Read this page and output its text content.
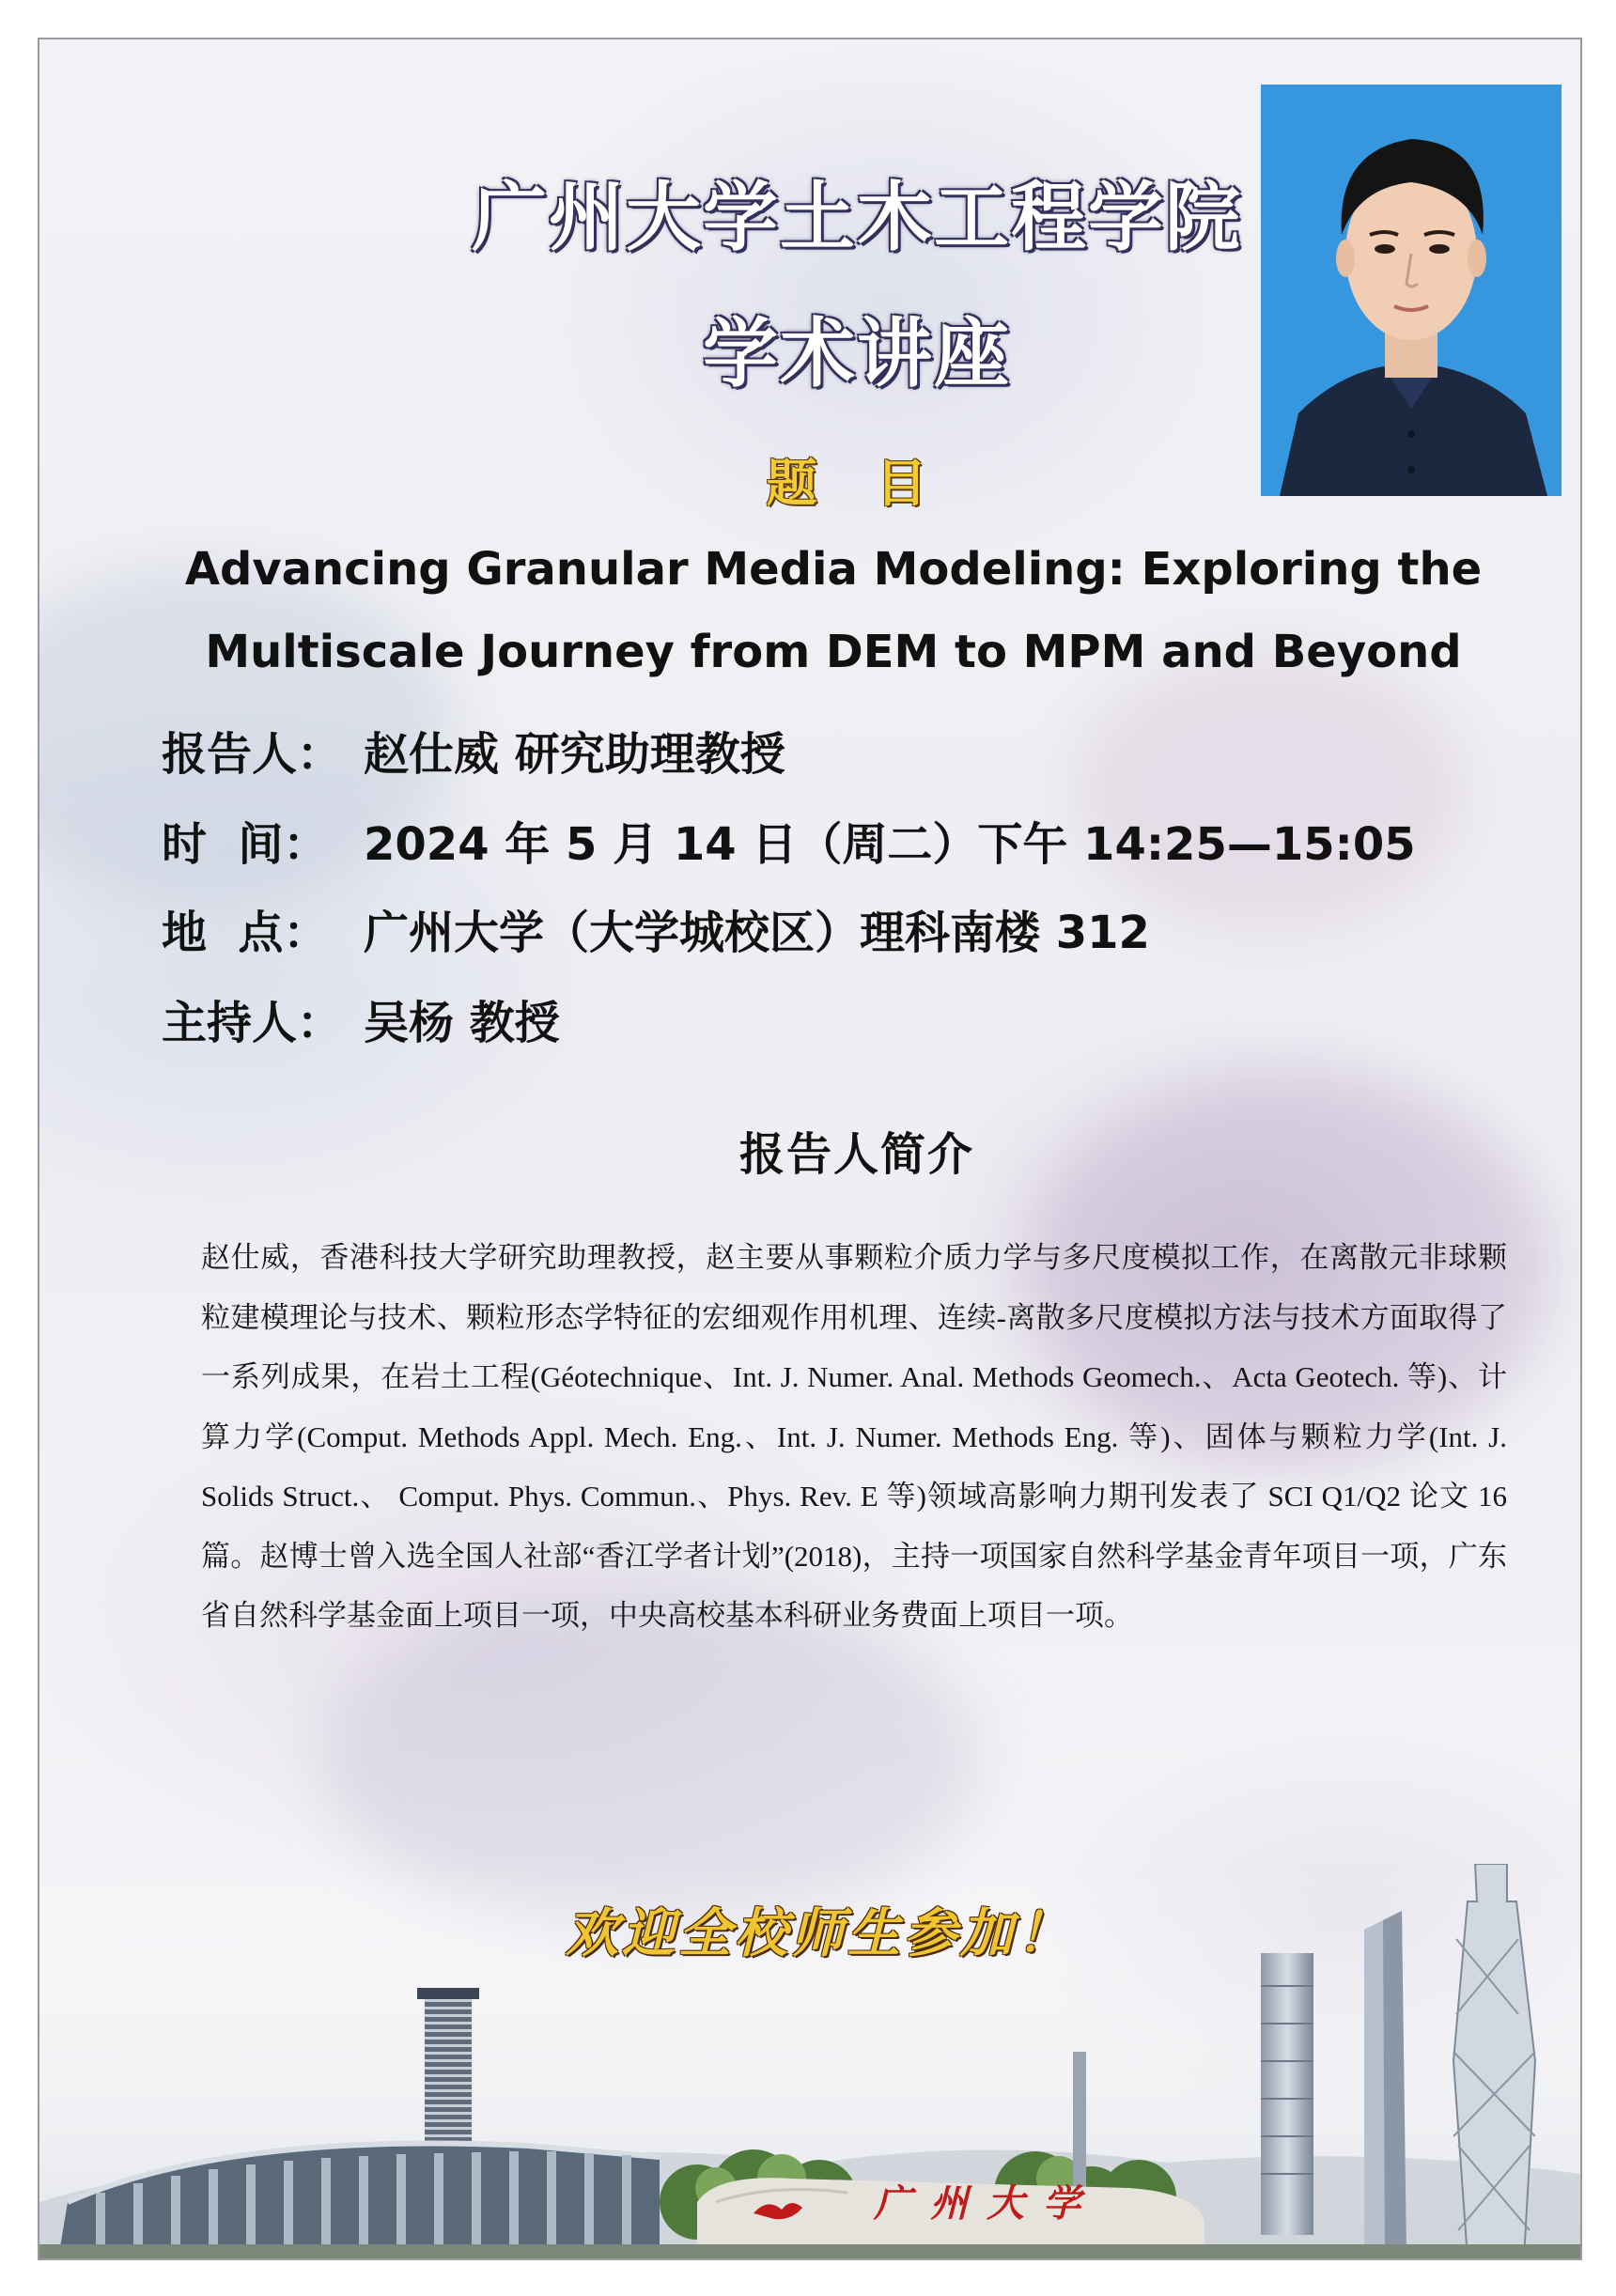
广州大学土木工程学院
学术讲座
题 目
Advancing Granular Media Modeling: Exploring the Multiscale Journey from DEM to MPM and Beyond
报告人： 赵仕威 研究助理教授
时  间： 2024 年 5 月 14 日（周二）下午 14:25—15:05
地  点： 广州大学（大学城校区）理科南楼 312
主持人： 吴杨 教授
报告人简介
赵仕威，香港科技大学研究助理教授，赵主要从事颗粒介质力学与多尺度模拟工作，在离散元非球颗粒建模理论与技术、颗粒形态学特征的宏细观作用机理、连续-离散多尺度模拟方法与技术方面取得了一系列成果，在岩土工程(Géotechnique、Int. J. Numer. Anal. Methods Geomech.、Acta Geotech. 等)、计算力学(Comput. Methods Appl. Mech. Eng.、Int. J. Numer. Methods Eng. 等)、固体与颗粒力学(Int. J. Solids Struct.、 Comput. Phys. Commun.、Phys. Rev. E 等)领域高影响力期刊发表了 SCI Q1/Q2 论文 16 篇。赵博士曾入选全国人社部“香江学者计划”(2018)，主持一项国家自然科学基金青年项目一项，广东省自然科学基金面上项目一项，中央高校基本科研业务费面上项目一项。
广州大学
欢迎全校师生参加！
